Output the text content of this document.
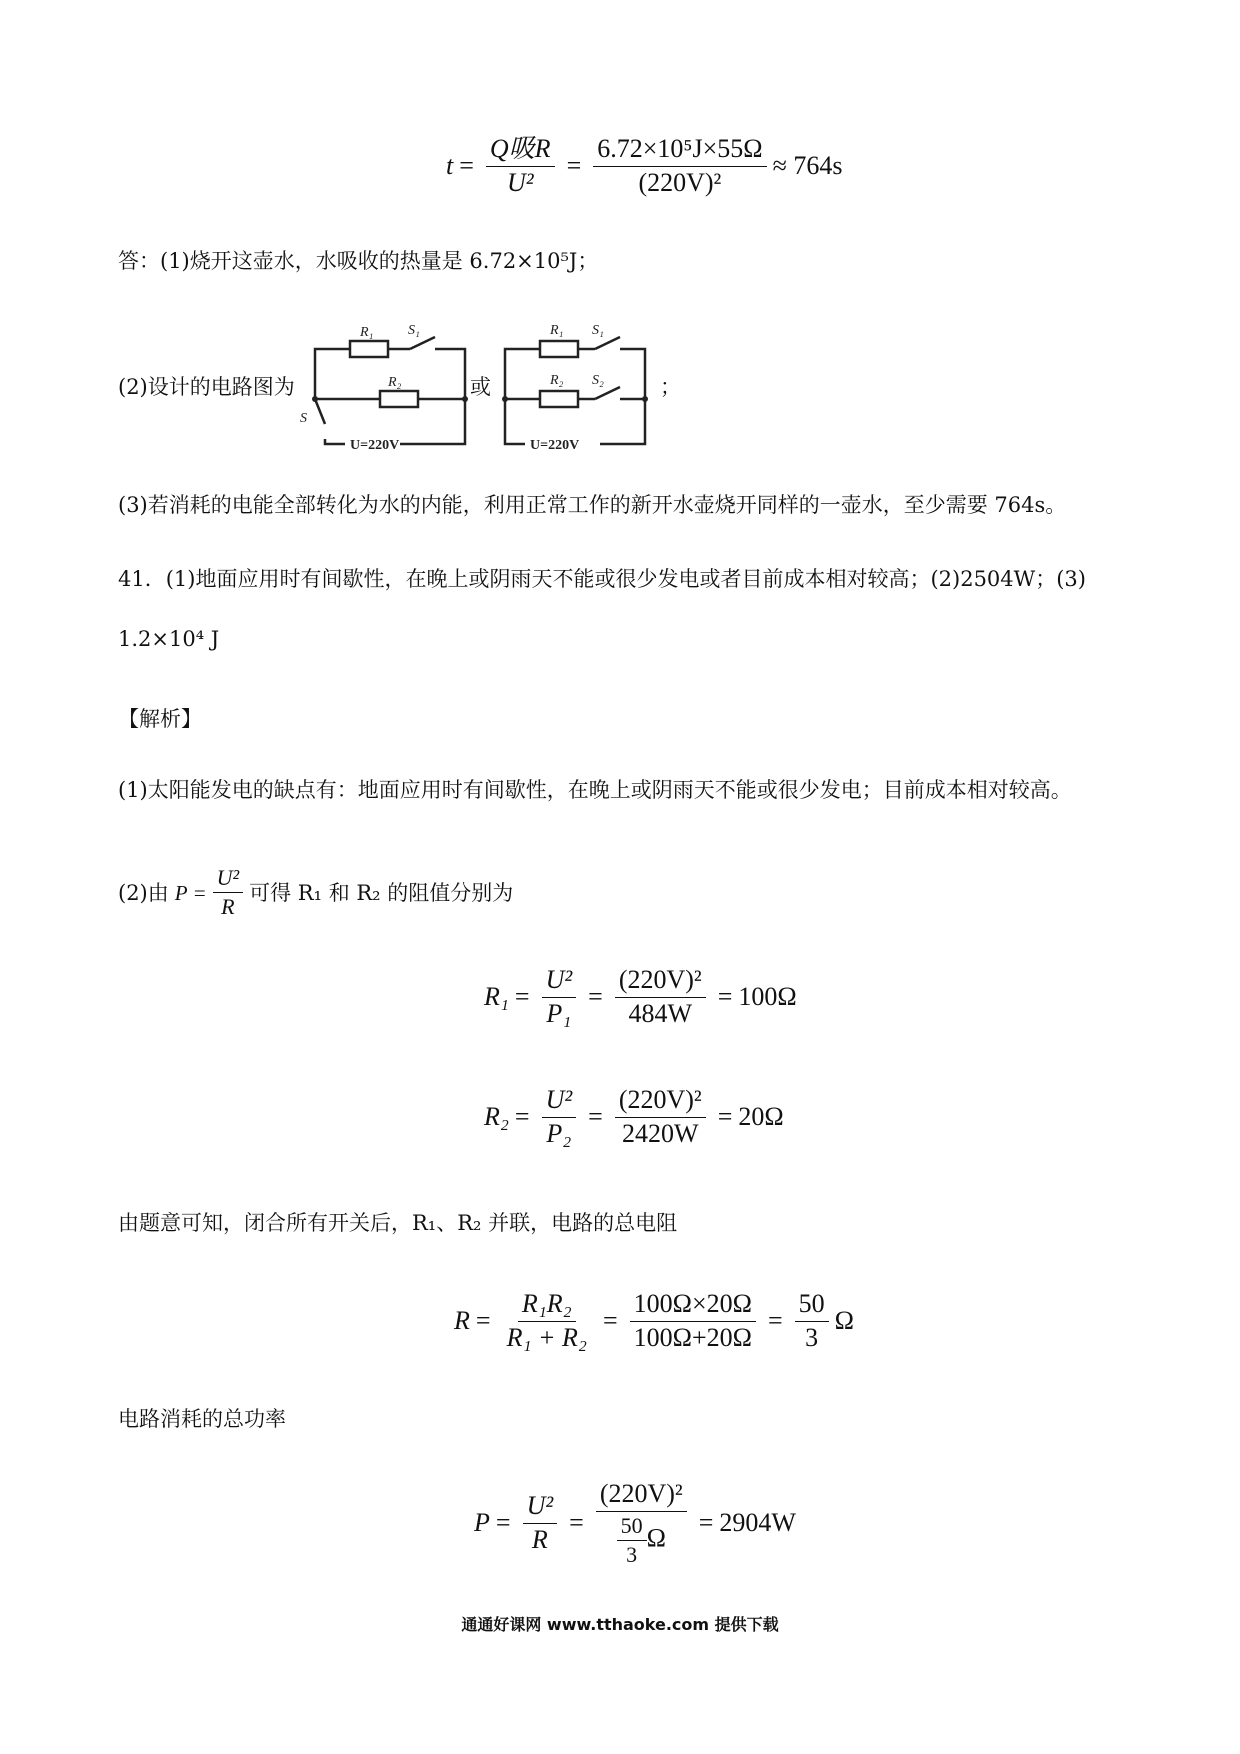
$t = \frac{\text{Q吸R}}{\text{U²}} = \frac{\text{6.72×10⁵J×55Ω}}{\text{(220V)²}} \approx 764s$
答：(1)烧开这壶水，水吸收的热量是 6.72×10⁵J；
(2)设计的电路图为	或
R₁ S₁
R₂
S
U=220V
R₁ S₁
R₂ S₂
U=220V
(3)若消耗的电能全部转化为水的内能，利用正常工作的新开水壶烧开同样的一壶水，至少需要 764s。
41．(1)地面应用时有间歇性，在晚上或阴雨天不能或很少发电或者目前成本相对较高；(2)2504W；(3)
1.2×10⁴ J
【解析】
(1)太阳能发电的缺点有：地面应用时有间歇性，在晚上或阴雨天不能或很少发电；目前成本相对较高。
(2)由 $P = \frac{\text{U²}}{R}$ 可得 R₁ 和 R₂ 的阻值分别为
$R_1 = \frac{\text{U²}}{\text{P₁}} = \frac{\text{(220V)²}}{484W} = 100\Omega$
$R_2 = \frac{\text{U²}}{\text{P₂}} = \frac{\text{(220V)²}}{2420W} = 20\Omega$
由题意可知，闭合所有开关后，R₁、R₂ 并联，电路的总电阻
$R = \frac{\text{R₁R₂}}{\text{R₁ + R₂}} = \frac{100\Omega\times 20\Omega}{100\Omega+20\Omega} = \frac{50}{3}$ Ω
电路消耗的总功率
$P = \frac{\text{U²}}{R} = \frac{\text{(220V)²}}{\frac{50}{3} \Omega} = 2904W$
通通好课网 www.tthaoke.com 提供下载
；
